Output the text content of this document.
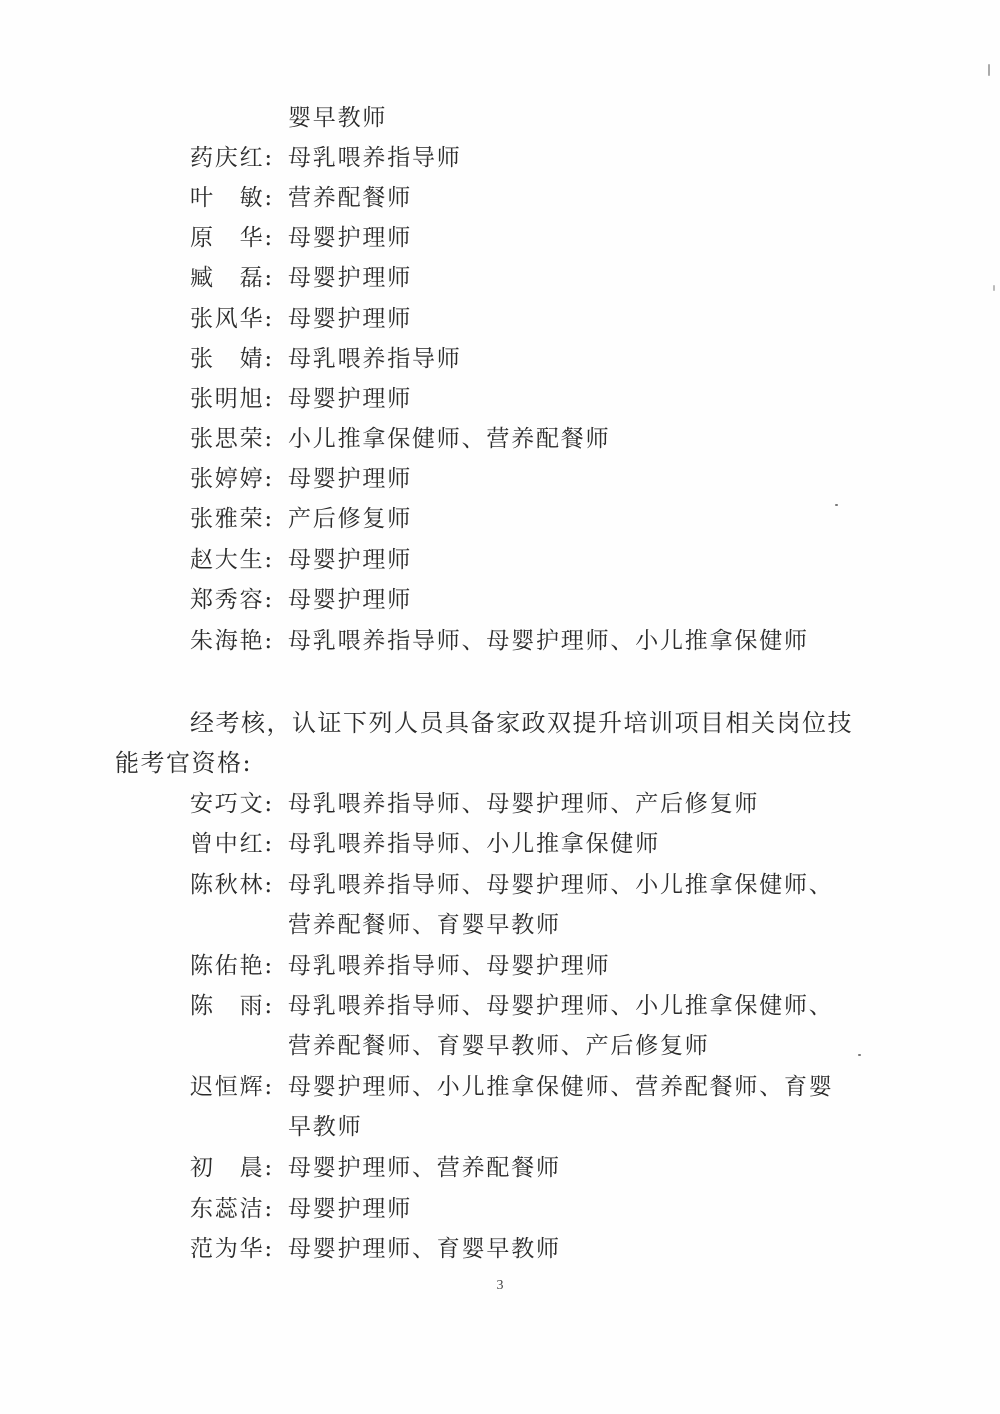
婴早教师
药庆红: 母乳喂养指导师
叶　敏: 营养配餐师
原　华: 母婴护理师
臧　磊: 母婴护理师
张风华: 母婴护理师
张　婧: 母乳喂养指导师
张明旭: 母婴护理师
张思荣: 小儿推拿保健师、营养配餐师
张婷婷: 母婴护理师
张雅荣: 产后修复师
赵大生: 母婴护理师
郑秀容: 母婴护理师
朱海艳: 母乳喂养指导师、母婴护理师、小儿推拿保健师
经考核，认证下列人员具备家政双提升培训项目相关岗位技
能考官资格:
安巧文: 母乳喂养指导师、母婴护理师、产后修复师
曾中红: 母乳喂养指导师、小儿推拿保健师
陈秋林: 母乳喂养指导师、母婴护理师、小儿推拿保健师、
营养配餐师、育婴早教师
陈佑艳: 母乳喂养指导师、母婴护理师
陈　雨: 母乳喂养指导师、母婴护理师、小儿推拿保健师、
营养配餐师、育婴早教师、产后修复师
迟恒辉: 母婴护理师、小儿推拿保健师、营养配餐师、育婴
早教师
初　晨: 母婴护理师、营养配餐师
东蕊洁: 母婴护理师
范为华: 母婴护理师、育婴早教师
3
